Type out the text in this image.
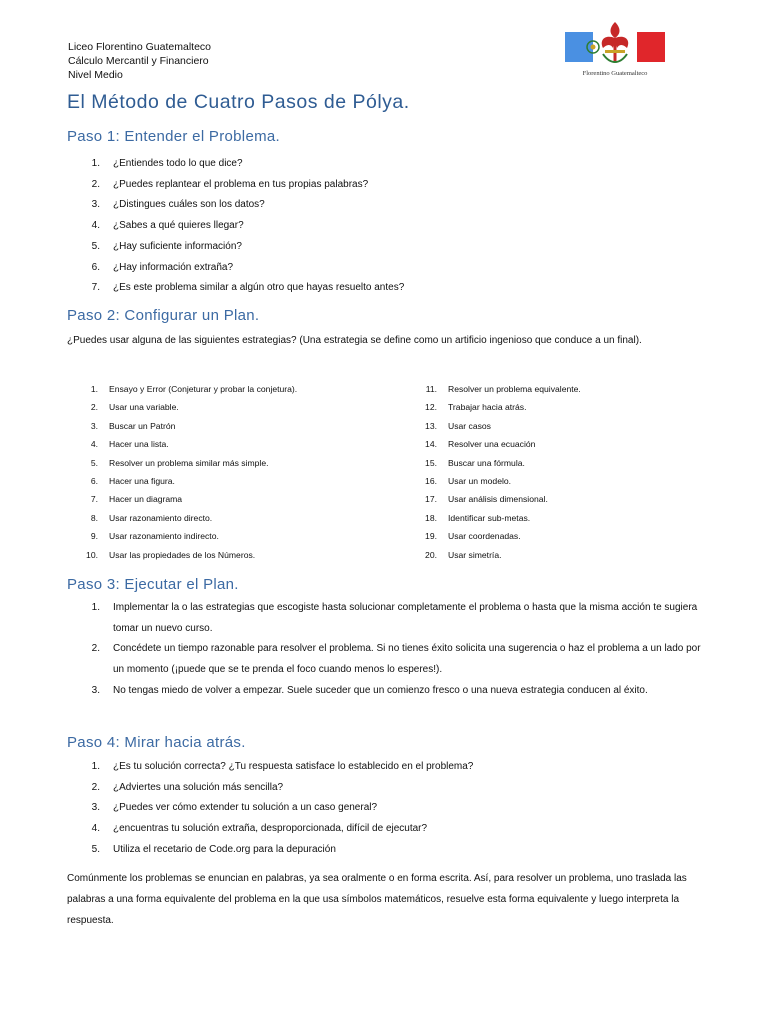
Liceo Florentino Guatemalteco
Cálculo Mercantil y Financiero
Nivel Medio	Florentino Guatemalteco
El Método de Cuatro Pasos de Pólya.
Paso 1: Entender el Problema.
1. ¿Entiendes todo lo que dice?
2. ¿Puedes replantear el problema en tus propias palabras?
3. ¿Distingues cuáles son los datos?
4. ¿Sabes a qué quieres llegar?
5. ¿Hay suficiente información?
6. ¿Hay información extraña?
7. ¿Es este problema similar a algún otro que hayas resuelto antes?
Paso 2: Configurar un Plan.
¿Puedes usar alguna de las siguientes estrategias? (Una estrategia se define como un artificio ingenioso que conduce a un final).
1. Ensayo y Error (Conjeturar y probar la conjetura).
2. Usar una variable.
3. Buscar un Patrón
4. Hacer una lista.
5. Resolver un problema similar más simple.
6. Hacer una figura.
7. Hacer un diagrama
8. Usar razonamiento directo.
9. Usar razonamiento indirecto.
10. Usar las propiedades de los Números.
11. Resolver un problema equivalente.
12. Trabajar hacia atrás.
13. Usar casos
14. Resolver una ecuación
15. Buscar una fórmula.
16. Usar un modelo.
17. Usar análisis dimensional.
18. Identificar sub-metas.
19. Usar coordenadas.
20. Usar simetría.
Paso 3: Ejecutar el Plan.
1. Implementar la o las estrategias que escogiste hasta solucionar completamente el problema o hasta que la misma acción te sugiera tomar un nuevo curso.
2. Concédete un tiempo razonable para resolver el problema. Si no tienes éxito solicita una sugerencia o haz el problema a un lado por un momento (¡puede que se te prenda el foco cuando menos lo esperes!).
3. No tengas miedo de volver a empezar. Suele suceder que un comienzo fresco o una nueva estrategia conducen al éxito.
Paso 4: Mirar hacia atrás.
1. ¿Es tu solución correcta? ¿Tu respuesta satisface lo establecido en el problema?
2. ¿Adviertes una solución más sencilla?
3. ¿Puedes ver cómo extender tu solución a un caso general?
4. ¿encuentras tu solución extraña, desproporcionada, difícil de ejecutar?
5. Utiliza el recetario de Code.org para la depuración
Comúnmente los problemas se enuncian en palabras, ya sea oralmente o en forma escrita. Así, para resolver un problema, uno traslada las palabras a una forma equivalente del problema en la que usa símbolos matemáticos, resuelve esta forma equivalente y luego interpreta la respuesta.
